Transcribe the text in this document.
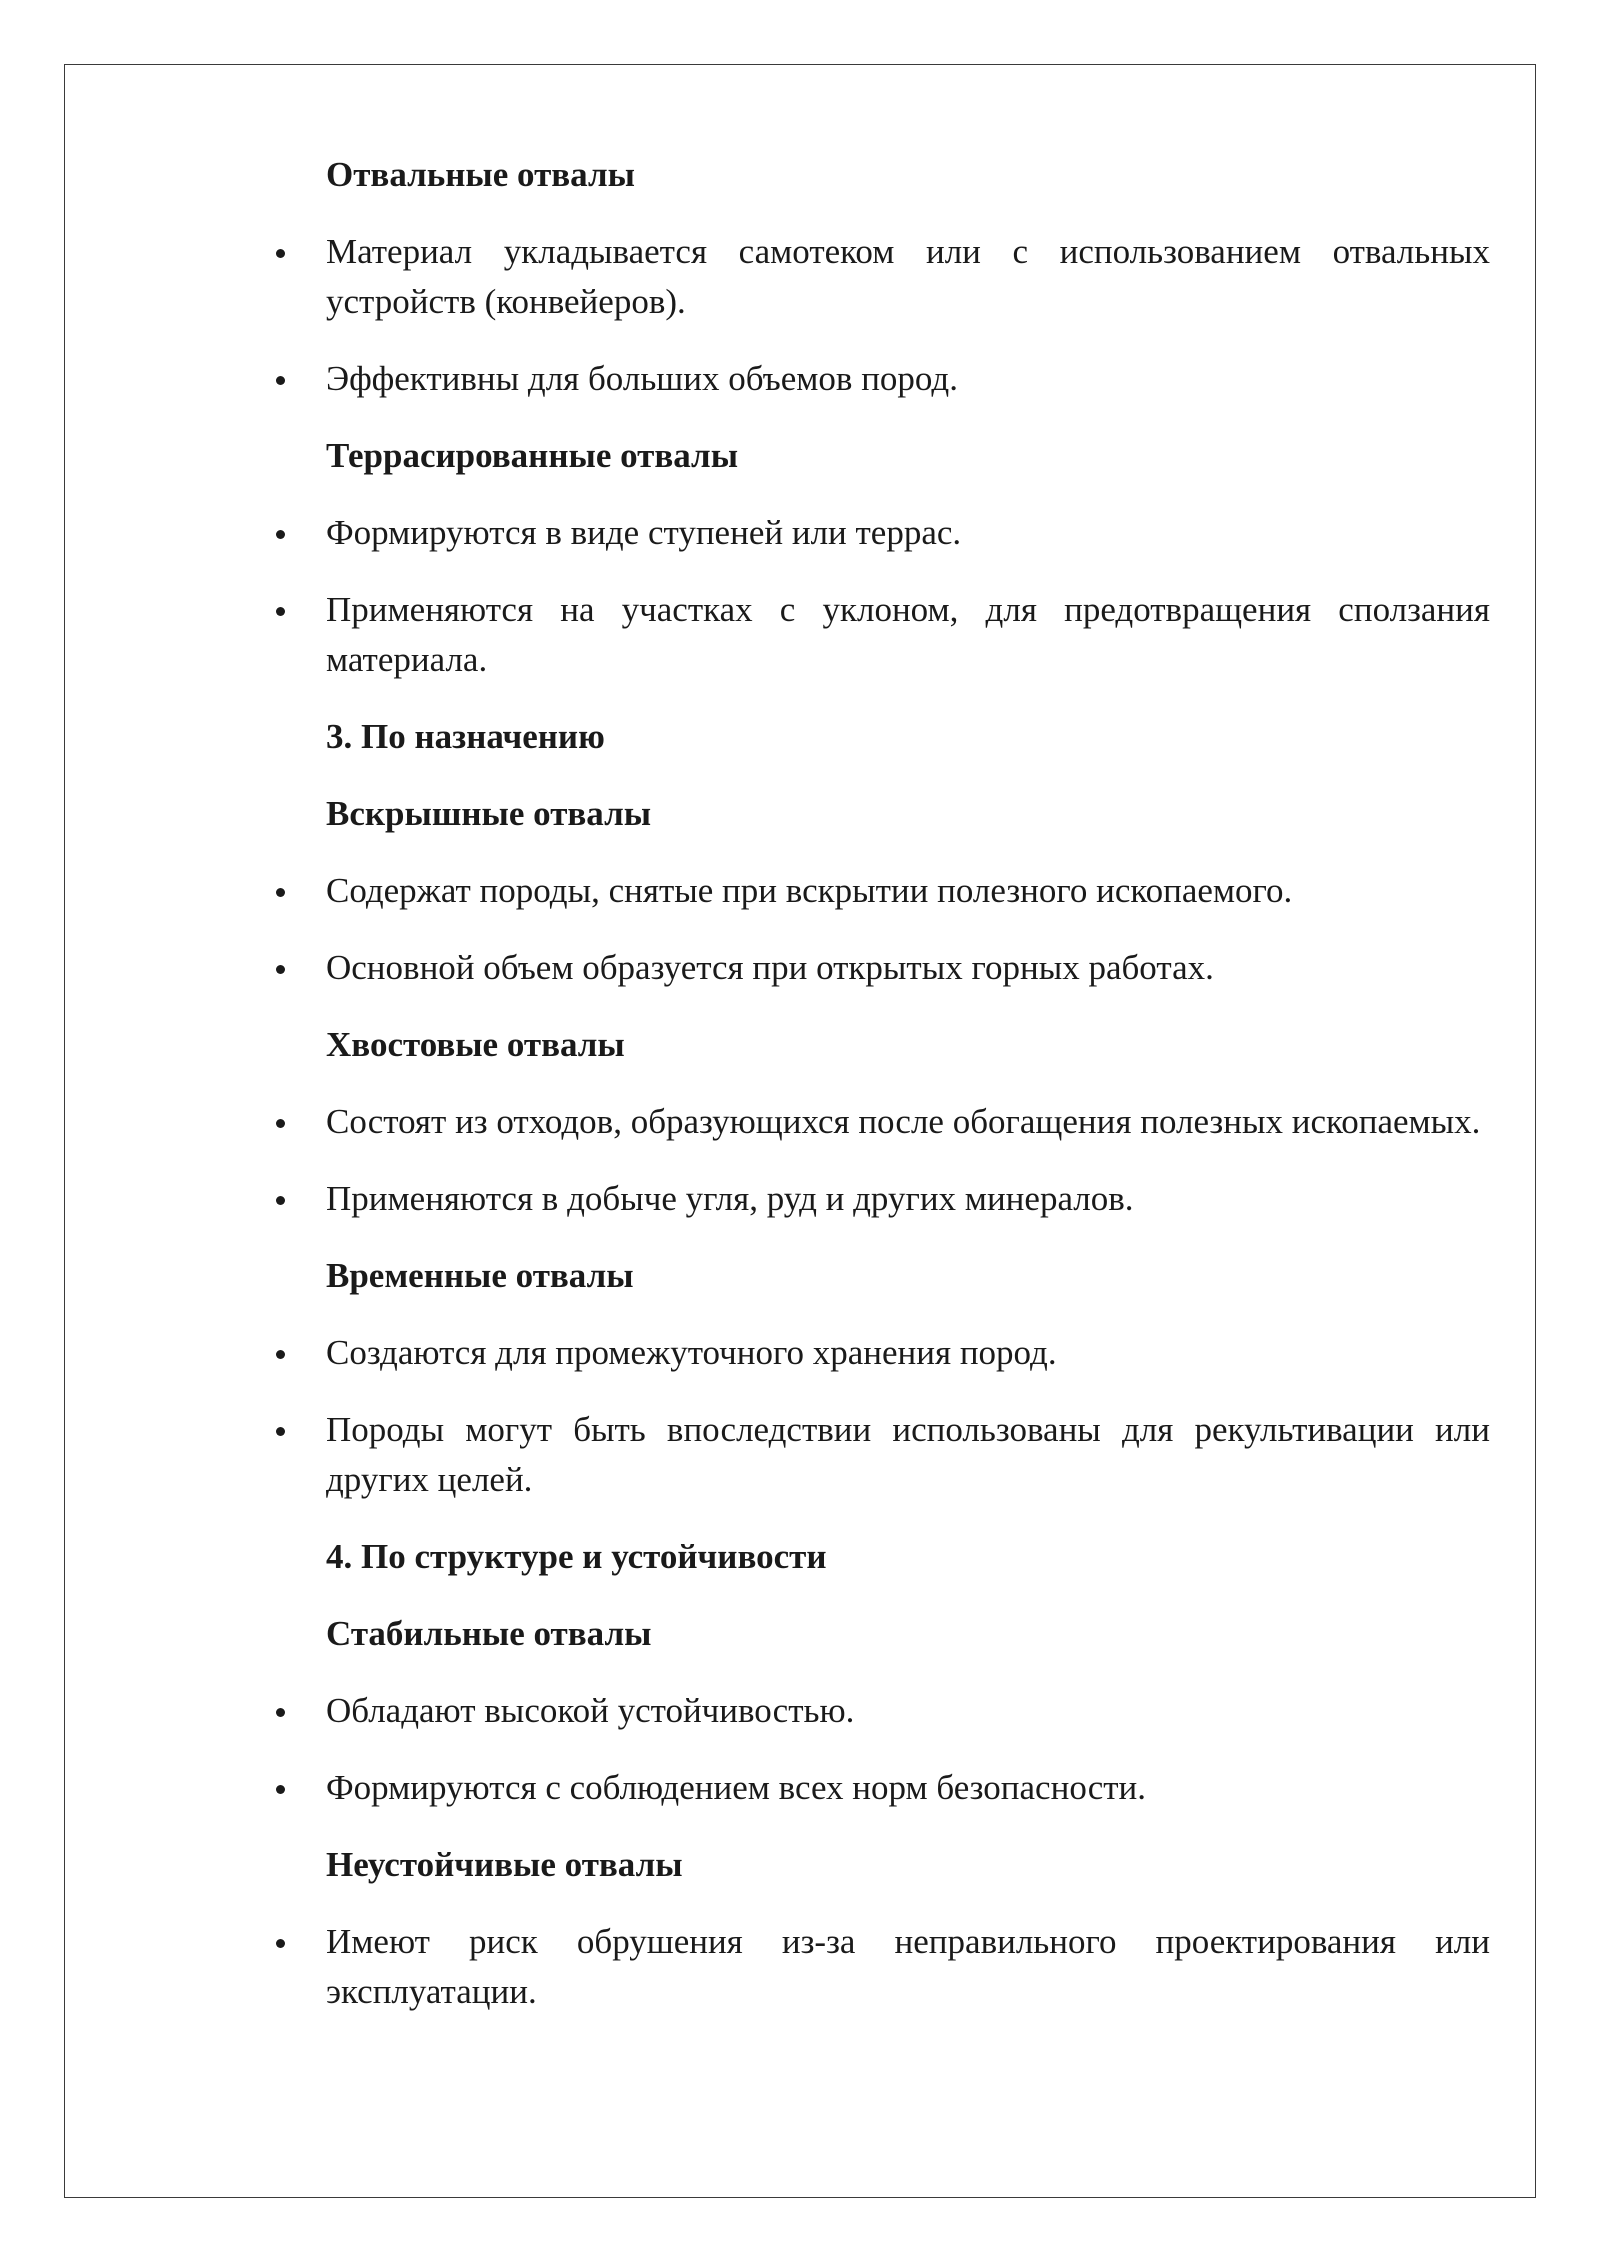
Отвальные отвалы
Материал укладывается самотеком или с использованием отвальных устройств (конвейеров).
Эффективны для больших объемов пород.
Террасированные отвалы
Формируются в виде ступеней или террас.
Применяются на участках с уклоном, для предотвращения сползания материала.
3. По назначению
Вскрышные отвалы
Содержат породы, снятые при вскрытии полезного ископаемого.
Основной объем образуется при открытых горных работах.
Хвостовые отвалы
Состоят из отходов, образующихся после обогащения полезных ископаемых.
Применяются в добыче угля, руд и других минералов.
Временные отвалы
Создаются для промежуточного хранения пород.
Породы могут быть впоследствии использованы для рекультивации или других целей.
4. По структуре и устойчивости
Стабильные отвалы
Обладают высокой устойчивостью.
Формируются с соблюдением всех норм безопасности.
Неустойчивые отвалы
Имеют риск обрушения из-за неправильного проектирования или эксплуатации.
